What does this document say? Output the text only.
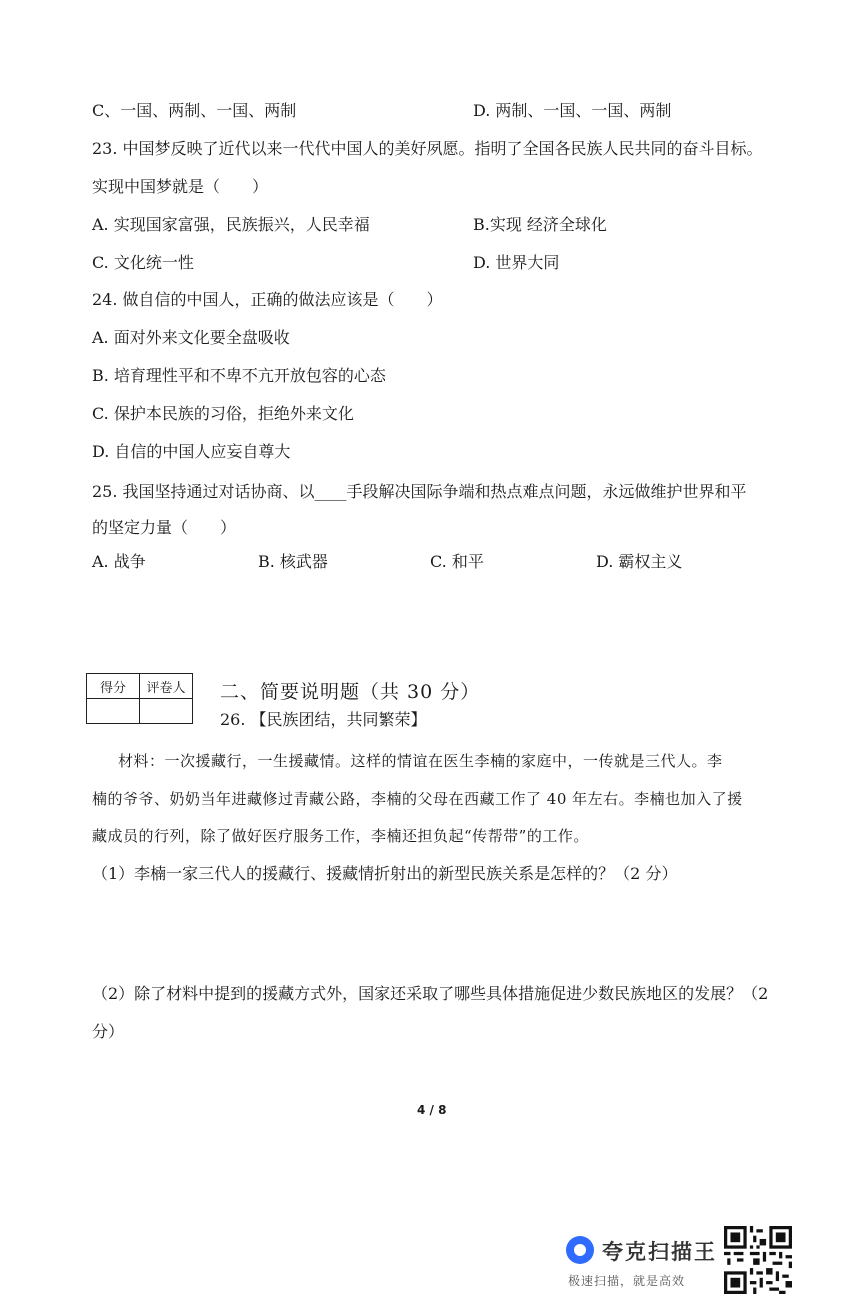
C、一国、两制、一国、两制	D. 两制、一国、一国、两制
23. 中国梦反映了近代以来一代代中国人的美好夙愿。指明了全国各民族人民共同的奋斗目标。
实现中国梦就是（　　）
A. 实现国家富强，民族振兴，人民幸福	B.实现 经济全球化
C. 文化统一性	D. 世界大同
24. 做自信的中国人，正确的做法应该是（　　）
A. 面对外来文化要全盘吸收
B. 培育理性平和不卑不亢开放包容的心态
C. 保护本民族的习俗，拒绝外来文化
D. 自信的中国人应妄自尊大
25. 我国坚持通过对话协商、以____手段解决国际争端和热点难点问题，永远做维护世界和平
的坚定力量（　　）
A. 战争	B. 核武器	C. 和平	D. 霸权主义
得分	评卷人
	二、简要说明题（共 30 分）
26. 【民族团结，共同繁荣】
材料：一次援藏行，一生援藏情。这样的情谊在医生李楠的家庭中，一传就是三代人。李
楠的爷爷、奶奶当年进藏修过青藏公路，李楠的父母在西藏工作了 40 年左右。李楠也加入了援
藏成员的行列，除了做好医疗服务工作，李楠还担负起“传帮带”的工作。
（1）李楠一家三代人的援藏行、援藏情折射出的新型民族关系是怎样的？（2 分）
（2）除了材料中提到的援藏方式外，国家还采取了哪些具体措施促进少数民族地区的发展？（2
分）
4 / 8
夸克扫描王
极速扫描，就是高效
